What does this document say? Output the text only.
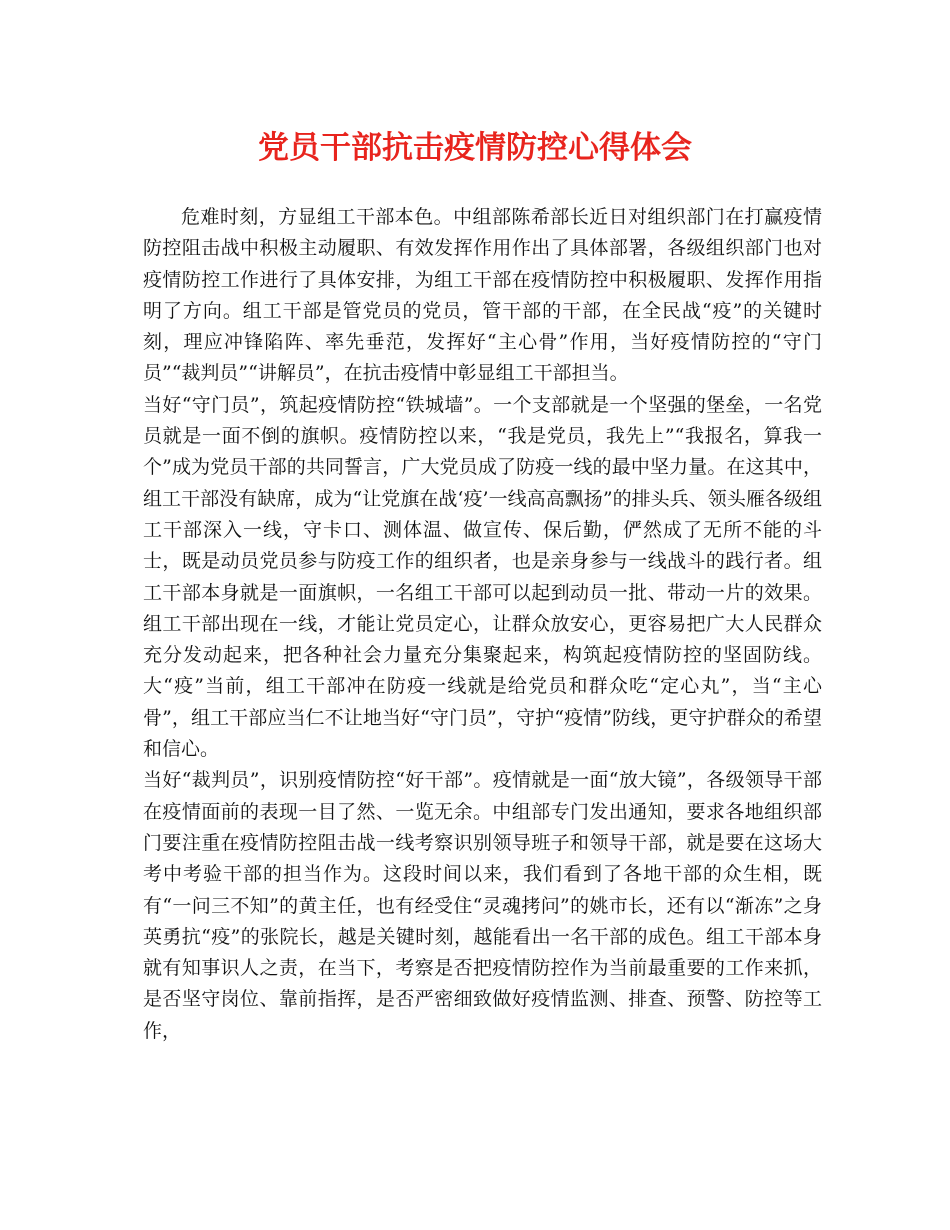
党员干部抗击疫情防控心得体会

危难时刻，方显组工干部本色。中组部陈希部长近日对组织部门在打赢疫情防控阻击战中积极主动履职、有效发挥作用作出了具体部署，各级组织部门也对疫情防控工作进行了具体安排，为组工干部在疫情防控中积极履职、发挥作用指明了方向。组工干部是管党员的党员，管干部的干部，在全民战“疫”的关键时刻，理应冲锋陷阵、率先垂范，发挥好“主心骨”作用，当好疫情防控的“守门员”“裁判员”“讲解员”，在抗击疫情中彰显组工干部担当。

当好“守门员”，筑起疫情防控“铁城墙”。一个支部就是一个坚强的堡垒，一名党员就是一面不倒的旗帜。疫情防控以来，“我是党员，我先上”“我报名，算我一个”成为党员干部的共同誓言，广大党员成了防疫一线的最中坚力量。在这其中，组工干部没有缺席，成为“让党旗在战‘疫’一线高高飘扬”的排头兵、领头雁各级组工干部深入一线，守卡口、测体温、做宣传、保后勤，俨然成了无所不能的斗士，既是动员党员参与防疫工作的组织者，也是亲身参与一线战斗的践行者。组工干部本身就是一面旗帜，一名组工干部可以起到动员一批、带动一片的效果。组工干部出现在一线，才能让党员定心，让群众放安心，更容易把广大人民群众充分发动起来，把各种社会力量充分集聚起来，构筑起疫情防控的坚固防线。大“疫”当前，组工干部冲在防疫一线就是给党员和群众吃“定心丸”，当“主心骨”，组工干部应当仁不让地当好“守门员”，守护“疫情”防线，更守护群众的希望和信心。

当好“裁判员”，识别疫情防控“好干部”。疫情就是一面“放大镜”，各级领导干部在疫情面前的表现一目了然、一览无余。中组部专门发出通知，要求各地组织部门要注重在疫情防控阻击战一线考察识别领导班子和领导干部，就是要在这场大考中考验干部的担当作为。这段时间以来，我们看到了各地干部的众生相，既有“一问三不知”的黄主任，也有经受住“灵魂拷问”的姚市长，还有以“渐冻”之身英勇抗“疫”的张院长，越是关键时刻，越能看出一名干部的成色。组工干部本身就有知事识人之责，在当下，考察是否把疫情防控作为当前最重要的工作来抓，是否坚守岗位、靠前指挥，是否严密细致做好疫情监测、排查、预警、防控等工作，
